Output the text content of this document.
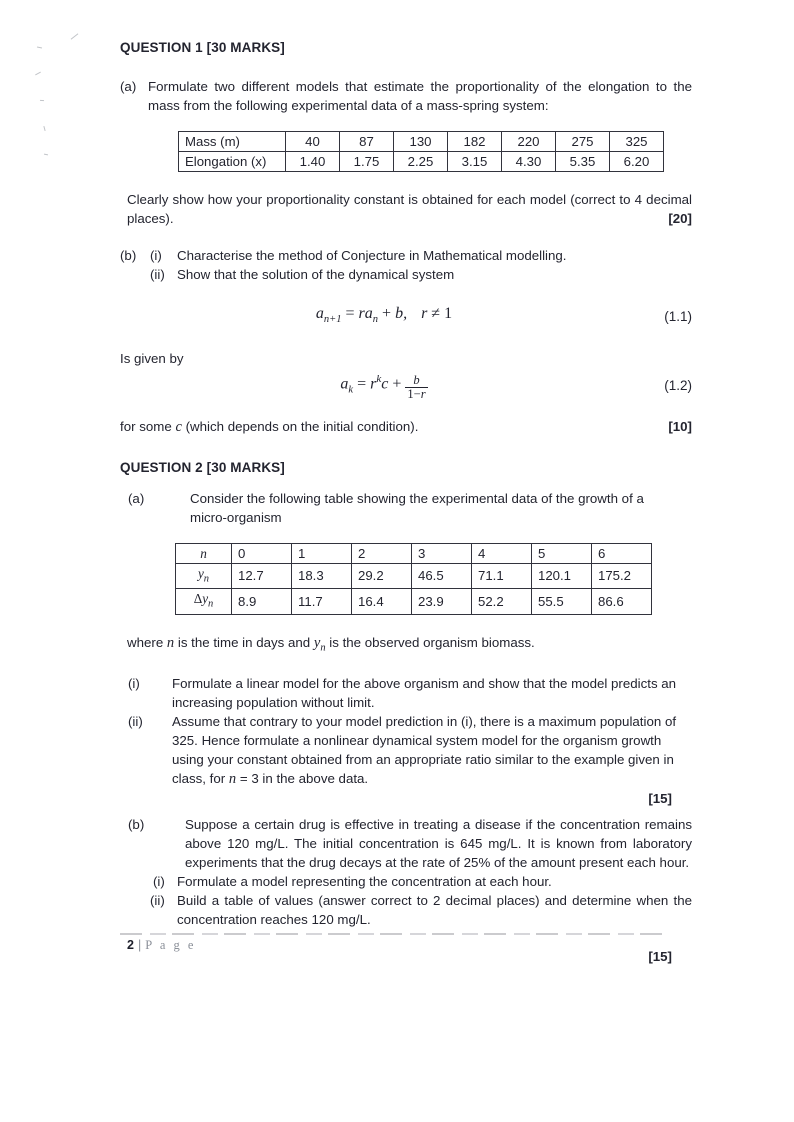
QUESTION 1 [30 MARKS]
(a) Formulate two different models that estimate the proportionality of the elongation to the mass from the following experimental data of a mass-spring system:
Mass (m)	40	87	130	182	220	275	325
Elongation (x)	1.40	1.75	2.25	3.15	4.30	5.35	6.20
Clearly show how your proportionality constant is obtained for each model (correct to 4 decimal places).	[20]
(b)	(i)	Characterise the method of Conjecture in Mathematical modelling.
(ii) Show that the solution of the dynamical system
$a_{n+1} = ra_n + b$, r ≠ 1	(1.1)
Is given by
$a_k = r^kc + \frac{b}{1-r}$	(1.2)
for some c (which depends on the initial condition).	[10]
QUESTION 2 [30 MARKS]
(a)	Consider the following table showing the experimental data of the growth of a micro-organism
n	0	1	2	3	4	5	6
$y_n$	12.7	18.3	29.2	46.5	71.1	120.1	175.2
$\Delta y_n$	8.9	11.7	16.4	23.9	52.2	55.5	86.6
where n is the time in days and $y_n$ is the observed organism biomass.
(i)	Formulate a linear model for the above organism and show that the model predicts an increasing population without limit.
(ii)	Assume that contrary to your model prediction in (i), there is a maximum population of 325. Hence formulate a nonlinear dynamical system model for the organism growth using your constant obtained from an appropriate ratio similar to the example given in class, for n = 3 in the above data.
[15]
(b)	Suppose a certain drug is effective in treating a disease if the concentration remains above 120 mg/L. The initial concentration is 645 mg/L. It is known from laboratory experiments that the drug decays at the rate of 25% of the amount present each hour.
(i) Formulate a model representing the concentration at each hour.
(ii) Build a table of values (answer correct to 2 decimal places) and determine when the concentration reaches 120 mg/L.
[15]
2 | P a g e
